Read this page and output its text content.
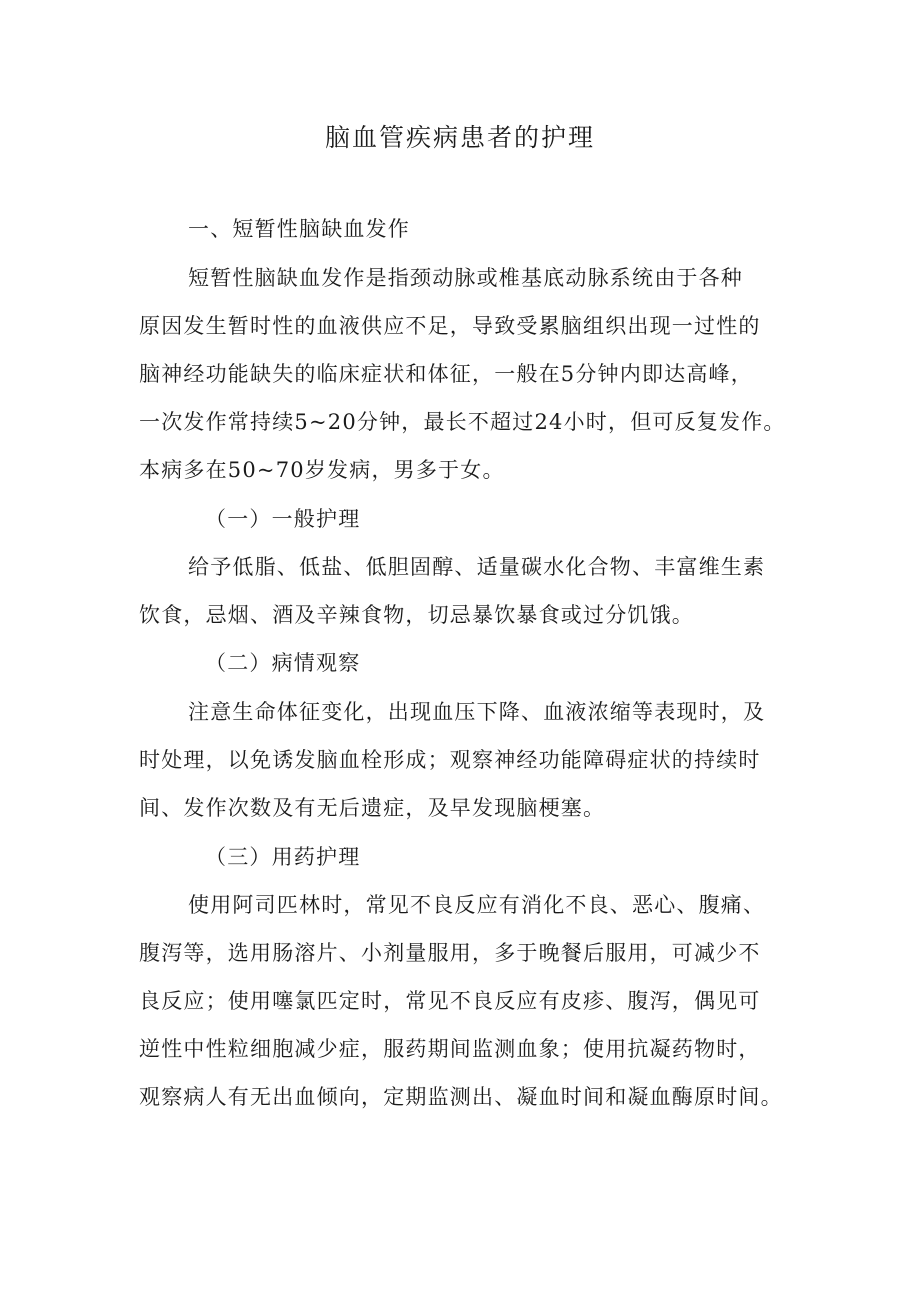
脑血管疾病患者的护理
一、短暂性脑缺血发作
短暂性脑缺血发作是指颈动脉或椎基底动脉系统由于各种
原因发生暂时性的血液供应不足，导致受累脑组织出现一过性的
脑神经功能缺失的临床症状和体征，一般在5分钟内即达高峰，
一次发作常持续5~20分钟，最长不超过24小时，但可反复发作。
本病多在50~70岁发病，男多于女。
（一）一般护理
给予低脂、低盐、低胆固醇、适量碳水化合物、丰富维生素
饮食，忌烟、酒及辛辣食物，切忌暴饮暴食或过分饥饿。
（二）病情观察
注意生命体征变化，出现血压下降、血液浓缩等表现时，及
时处理，以免诱发脑血栓形成；观察神经功能障碍症状的持续时
间、发作次数及有无后遗症，及早发现脑梗塞。
（三）用药护理
使用阿司匹林时，常见不良反应有消化不良、恶心、腹痛、
腹泻等，选用肠溶片、小剂量服用，多于晚餐后服用，可减少不
良反应；使用噻氯匹定时，常见不良反应有皮疹、腹泻，偶见可
逆性中性粒细胞减少症，服药期间监测血象；使用抗凝药物时，
观察病人有无出血倾向，定期监测出、凝血时间和凝血酶原时间。
